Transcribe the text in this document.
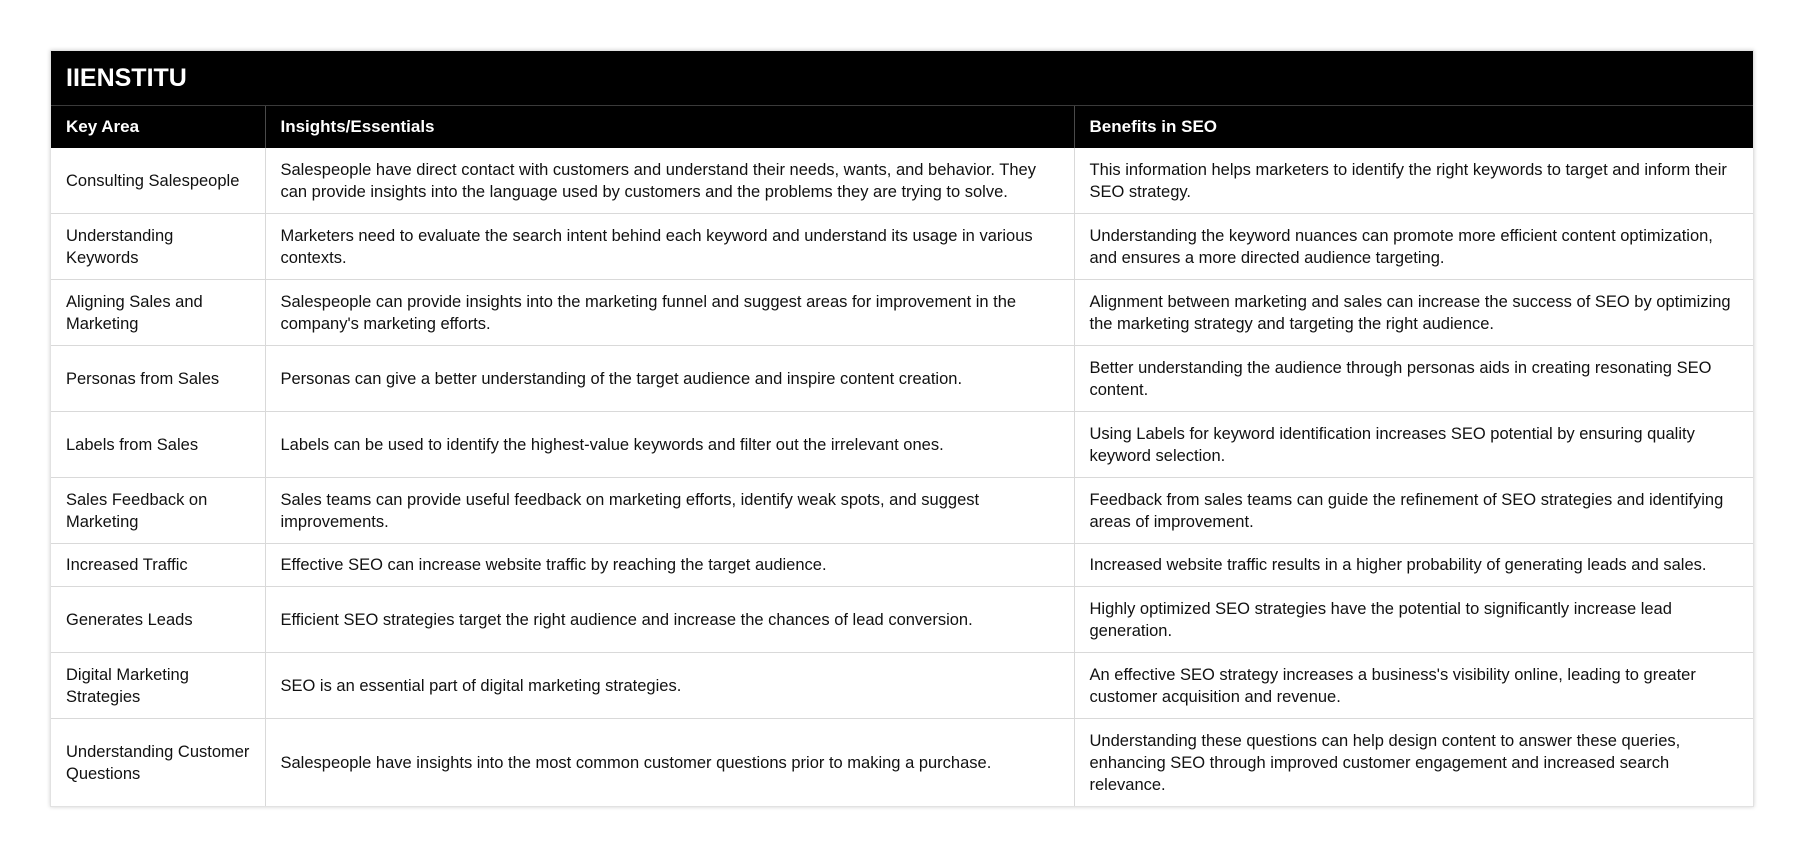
IIENSTITU
Key Area	Insights/Essentials	Benefits in SEO
Consulting Salespeople	Salespeople have direct contact with customers and understand their needs, wants, and behavior. They can provide insights into the language used by customers and the problems they are trying to solve.	This information helps marketers to identify the right keywords to target and inform their SEO strategy.
Understanding Keywords	Marketers need to evaluate the search intent behind each keyword and understand its usage in various contexts.	Understanding the keyword nuances can promote more efficient content optimization, and ensures a more directed audience targeting.
Aligning Sales and Marketing	Salespeople can provide insights into the marketing funnel and suggest areas for improvement in the company's marketing efforts.	Alignment between marketing and sales can increase the success of SEO by optimizing the marketing strategy and targeting the right audience.
Personas from Sales	Personas can give a better understanding of the target audience and inspire content creation.	Better understanding the audience through personas aids in creating resonating SEO content.
Labels from Sales	Labels can be used to identify the highest-value keywords and filter out the irrelevant ones.	Using Labels for keyword identification increases SEO potential by ensuring quality keyword selection.
Sales Feedback on Marketing	Sales teams can provide useful feedback on marketing efforts, identify weak spots, and suggest improvements.	Feedback from sales teams can guide the refinement of SEO strategies and identifying areas of improvement.
Increased Traffic	Effective SEO can increase website traffic by reaching the target audience.	Increased website traffic results in a higher probability of generating leads and sales.
Generates Leads	Efficient SEO strategies target the right audience and increase the chances of lead conversion.	Highly optimized SEO strategies have the potential to significantly increase lead generation.
Digital Marketing Strategies	SEO is an essential part of digital marketing strategies.	An effective SEO strategy increases a business's visibility online, leading to greater customer acquisition and revenue.
Understanding Customer Questions	Salespeople have insights into the most common customer questions prior to making a purchase.	Understanding these questions can help design content to answer these queries, enhancing SEO through improved customer engagement and increased search relevance.
